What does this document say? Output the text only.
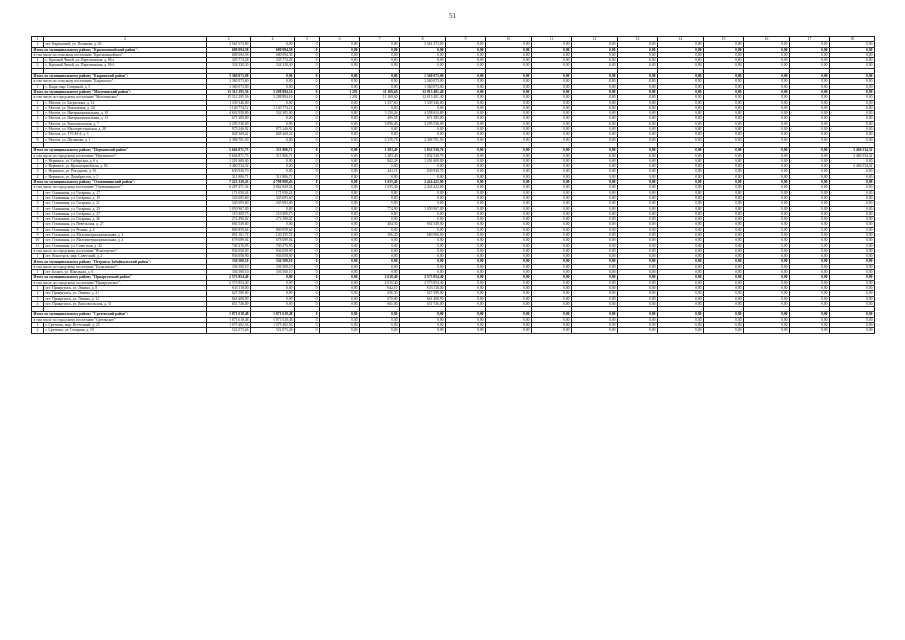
51
1	2	3	4	5	6	7	8	9	10	11	12	13	14	15	16	17	18
2	пгт. Карымский, ул. Полякова, д. 45	3 561 573,00	0,00	0	0,00	0,00	3 561 573,00	0,00	0,00	0,00	0,00	0,00	0,00	0,00	0,00	0,00	0,00
Итого по муниципальному району "Красночикойский район":		680 094,58	680 094,58	0	0,00	0,00	0,00	0,00	0,00	0,00	0,00	0,00	0,00	0,00	0,00	0,00	0,00
в том числе по сельскому поселению "Красночикойское":		680 094,58	680 094,58	0	0,00	0,00	0,00	0,00	0,00	0,00	0,00	0,00	0,00	0,00	0,00	0,00	0,00
1	с. Красный Чикой, ул. Партизанская, д. 86 а	345 774,28	345 774,28	0	0,00	0,00	0,00	0,00	0,00	0,00	0,00	0,00	0,00	0,00	0,00	0,00	0,00
2	с. Красный Чикой, ул. Партизанская, д. 86 б	334 320,30	334 320,30	0	0,00	0,00	0,00	0,00	0,00	0,00	0,00	0,00	0,00	0,00	0,00	0,00	0,00

Итого по муниципальному району "Кыринский район":		1 360 073,00	0,00	0	0,00	0,00	1 360 073,00	0,00	0,00	0,00	0,00	0,00	0,00	0,00	0,00	0,00	0,00
в том числе по сельскому поселению "Кыринское":		1 360 073,00	0,00	0	0,00	0,00	1 360 073,00	0,00	0,00	0,00	0,00	0,00	0,00	0,00	0,00	0,00	0,00
1	с. Кыра, мкр. Северный, д. 5	1 360 073,00	0,00	0	0,00	0,00	1 360 073,00	0,00	0,00	0,00	0,00	0,00	0,00	0,00	0,00	0,00	0,00
Итого по муниципальному району "Могочинский район":		15 312 295,56	3 298 894,16	0	1 292	11 169,40	12 013 401,40	0,00	0,00	0,00	0,00	0,00	0,00	0,00	0,00	0,00	0,00
в том числе по городскому поселению "Могочинское":		15 312 295,56	3 298 894,16	0	1 292	11 169,40	12 013 401,40	0,00	0,00	0,00	0,00	0,00	0,00	0,00	0,00	0,00	0,00
1	г. Могоча, ул. Багратиона, д. 14	1 339 346,00	0,00	0	0,00	1 257,60	1 339 346,00	0,00	0,00	0,00	0,00	0,00	0,00	0,00	0,00	0,00	0,00
2	г. Могоча, ул. Вокзальная, д. 20	1 140 774,12	1 140 774,12	0	0,00	0,00	0,00	0,00	0,00	0,00	0,00	0,00	0,00	0,00	0,00	0,00	0,00
3	г. Могоча, ул. Интернациональная, д. 10	4 692 958,80	334 305,00	0	0,00	3 150,26	4 358 634,80	0,00	0,00	0,00	0,00	0,00	0,00	0,00	0,00	0,00	0,00
4	г. Могоча, ул. Интернациональная, д. 13	671 385,00	0,00	0	0,00	409,58	671 385,00	0,00	0,00	0,00	0,00	0,00	0,00	0,00	0,00	0,00	0,00
5	г. Могоча, ул. Комсомольская, д. 7	3 295 536,00	0,00	0	0,00	3 096,48	3 295 536,00	0,00	0,00	0,00	0,00	0,00	0,00	0,00	0,00	0,00	0,00
6	г. Могоча, ул. Малокрестьянская, д. 38	975 246,92	975 246,92	0	0,00	0,00	0,00	0,00	0,00	0,00	0,00	0,00	0,00	0,00	0,00	0,00	0,00
7	г. Могоча, ул. ТУСМ-4, д. 3	848 368,22	848 368,22	0	0,00	0,00	0,00	0,00	0,00	0,00	0,00	0,00	0,00	0,00	0,00	0,00	0,00
8	г. Могоча, ул. Шулякова, д. 1	2 368 701,50	0,00	0	0,00	3 176,78	2 368 701,50	0,00	0,00	0,00	0,00	0,00	0,00	0,00	0,00	0,00	0,00

Итого по муниципальному району "Нерчинский район"		5 604 871,73	311 806,71	0	0,00	1 283,49	1 832 530,70	0,00	0,00	0,00	0,00	0,00	0,00	0,00	0,00	0,00	3 460 534,32
в том числе по городскому поселению "Нерчинское":		5 604 871,73	311 806,71	0	0,00	1 283,49	1 832 530,70	0,00	0,00	0,00	0,00	0,00	0,00	0,00	0,00	0,00	3 460 534,32
1	г. Нерчинск, ул. Сибирская, д. 6 а	1 201 600,00	0,00	0	0,00	842,38	1 201 600,00	0,00	0,00	0,00	0,00	0,00	0,00	0,00	0,00	0,00	0,00
2	г. Нерчинск, ул. Красноармейская, д. 84	3 460 534,32	0,00	0	0,00	0,00	0,00	0,00	0,00	0,00	0,00	0,00	0,00	0,00	0,00	0,00	3 460 534,32
3	г. Нерчинск, ул. Погодаева, д. 81	630 930,70	0,00	0	0,00	441,11	630 930,70	0,00	0,00	0,00	0,00	0,00	0,00	0,00	0,00	0,00	0,00
4	г. Нерчинск, ул. Декабристов, д. 5	311 806,71	311 806,71	0	0,00	0,00	0,00	0,00	0,00	0,00	0,00	0,00	0,00	0,00	0,00	0,00	0,00
Итого по муниципальному району "Оловяннинский район":		7 223 330,43	4 798 908,43	0	0,00	1 655,40	2 424 422,00	0,00	0,00	0,00	0,00	0,00	0,00	0,00	0,00	0,00	0,00
в том числе по городскому поселению "Оловяннинское":		6 287 271,54	3 862 849,54	0	0,00	1 655,40	2 424 422,00	0,00	0,00	0,00	0,00	0,00	0,00	0,00	0,00	0,00	0,00
1	пгт. Оловянная, ул. Гагарина, д. 17	171 050,24	171 050,24	0	0,00	0,00	0,00	0,00	0,00	0,00	0,00	0,00	0,00	0,00	0,00	0,00	0,00
2	пгт. Оловянная, ул. Гагарина, д. 19	345 693,60	345 693,60	0	0,00	0,00	0,00	0,00	0,00	0,00	0,00	0,00	0,00	0,00	0,00	0,00	0,00
3	пгт. Оловянная, ул. Гагарина, д. 21	345 693,60	345 693,60	0	0,00	0,00	0,00	0,00	0,00	0,00	0,00	0,00	0,00	0,00	0,00	0,00	0,00
4	пгт. Оловянная, ул. Гагарина, д. 23	1 050 967,00	0,00	0	0,00	774,90	1 050 967,00	0,00	0,00	0,00	0,00	0,00	0,00	0,00	0,00	0,00	0,00
5	пгт. Оловянная, ул. Гагарина, д. 27	119 400,75	119 400,75	0	0,00	0,00	0,00	0,00	0,00	0,00	0,00	0,00	0,00	0,00	0,00	0,00	0,00
6	пгт. Оловянная, ул. Гагарина, д. 36	272 490,02	272 490,02	0	0,00	0,00	0,00	0,00	0,00	0,00	0,00	0,00	0,00	0,00	0,00	0,00	0,00
7	пгт. Оловянная, ул. Невельская, д. 27	692 549,00	0,00	0	0,00	484,30	692 549,00	0,00	0,00	0,00	0,00	0,00	0,00	0,00	0,00	0,00	0,00
8	пгт. Оловянная, ул. Речная, д. 4	869 859,64	869 859,64	0	0,00	0,00	0,00	0,00	0,00	0,00	0,00	0,00	0,00	0,00	0,00	0,00	0,00
9	пгт. Оловянная, ул. Малоинтернациональная, д. 2	801 161,74	120 255,74	0	0,00	396,20	680 906,00	0,00	0,00	0,00	0,00	0,00	0,00	0,00	0,00	0,00	0,00
10	пгт. Оловянная, ул. Малоинтернациональная, д. 4	678 089,04	678 089,04	0	0,00	0,00	0,00	0,00	0,00	0,00	0,00	0,00	0,00	0,00	0,00	0,00	0,00
11	пгт. Оловянная, ул. Советская, д. 42	740 276,95	740 276,95	0	0,00	0,00	0,00	0,00	0,00	0,00	0,00	0,00	0,00	0,00	0,00	0,00	0,00
в том числе по городскому поселению "Ясногорское":		936 058,90	936 058,90	0	0,00	0,00	0,00	0,00	0,00	0,00	0,00	0,00	0,00	0,00	0,00	0,00	0,00
1	пгт. Ясногорск, мкр. Советский, д. 2	936 058,90	936 058,90	0	0,00	0,00	0,00	0,00	0,00	0,00	0,00	0,00	0,00	0,00	0,00	0,00	0,00
Итого по муниципальному району "Петровск-Забайкальский район":		336 500,10	336 500,10	0	0,00	0,00	0,00	0,00	0,00	0,00	0,00	0,00	0,00	0,00	0,00	0,00	0,00
в том числе по городскому поселению "Балягинское":		336 500,10	336 500,10	0	0,00	0,00	0,00	0,00	0,00	0,00	0,00	0,00	0,00	0,00	0,00	0,00	0,00
1	пгт. Баляга, ул. Школьная, д. 6	336 500,10	336 500,10	0	0,00	0,00	0,00	0,00	0,00	0,00	0,00	0,00	0,00	0,00	0,00	0,00	0,00
Итого по муниципальному району "Приаргунский район"		2 573 854,40	0,00	0	0,00	2 610,40	2 573 854,40	0,00	0,00	0,00	0,00	0,00	0,00	0,00	0,00	0,00	0,00
в том числе по городскому поселению "Приаргунское":		2 573 854,40	0,00	0	0,00	2 610,40	2 573 854,40	0,00	0,00	0,00	0,00	0,00	0,00	0,00	0,00	0,00	0,00
1	пгт. Приаргунск, ул. Ленина, д. 8	633 110,00	0,00	0	0,00	642,10	633 110,00	0,00	0,00	0,00	0,00	0,00	0,00	0,00	0,00	0,00	0,00
2	пгт. Приаргунск, ул. Ленина, д. 21	627 589,00	0,00	0	0,00	636,50	627 589,00	0,00	0,00	0,00	0,00	0,00	0,00	0,00	0,00	0,00	0,00
3	пгт. Приаргунск, ул. Ленина, д. 12	661 408,90	0,00	0	0,00	670,80	661 408,90	0,00	0,00	0,00	0,00	0,00	0,00	0,00	0,00	0,00	0,00
4	пгт. Приаргунск, ул. Комсомольская, д. 31	651 746,00	0,00	0	0,00	661,00	651 746,00	0,00	0,00	0,00	0,00	0,00	0,00	0,00	0,00	0,00	0,00

Итого по муниципальному району "Сретенский район":		1 871 618,48	1 871 618,48	0	0,00	0,00	0,00	0,00	0,00	0,00	0,00	0,00	0,00	0,00	0,00	0,00	0,00
в том числе по городскому поселению "Сретенское":		1 871 618,48	1 871 618,48	0	0,00	0,00	0,00	0,00	0,00	0,00	0,00	0,00	0,00	0,00	0,00	0,00	0,00
1	г. Сретенск, мкр. Восточный, д. 25	1 075 402,56	1 075 402,56	0	0,00	0,00	0,00	0,00	0,00	0,00	0,00	0,00	0,00	0,00	0,00	0,00	0,00
2	г. Сретенск, ул. Гагарина, д. 18	522 073,26	522 073,26	0	0,00	0,00	0,00	0,00	0,00	0,00	0,00	0,00	0,00	0,00	0,00	0,00	0,00
